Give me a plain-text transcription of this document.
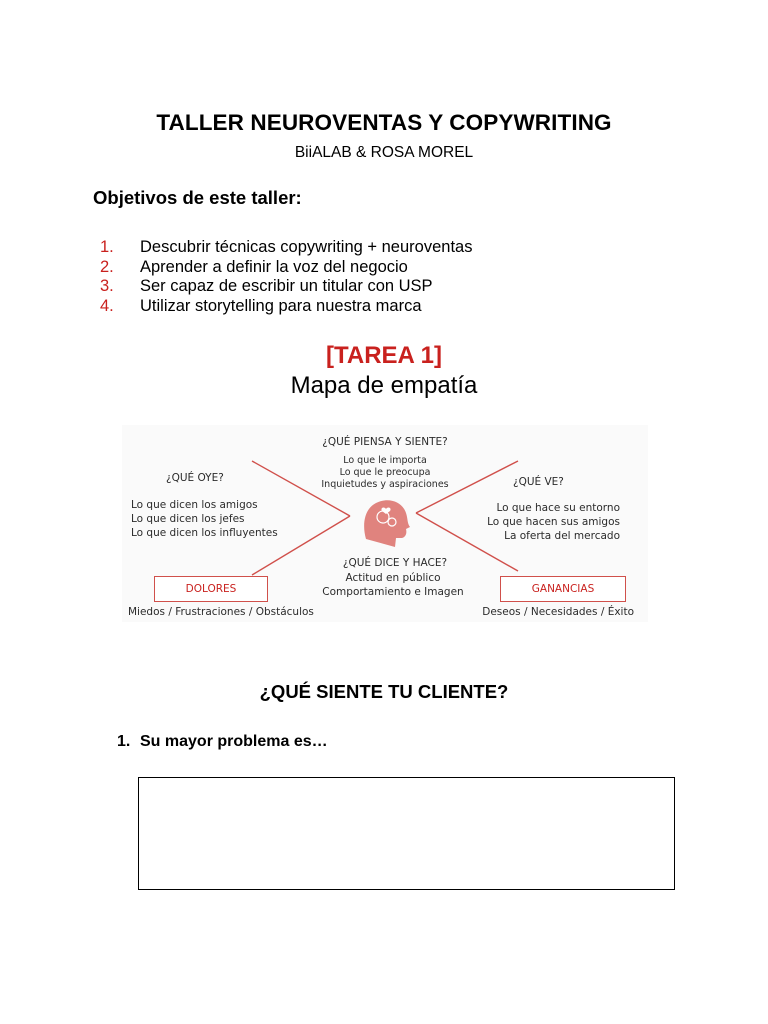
TALLER NEUROVENTAS Y COPYWRITING
BiiALAB & ROSA MOREL
Objetivos de este taller:
1. Descubrir técnicas copywriting + neuroventas
2. Aprender a definir la voz del negocio
3. Ser capaz de escribir un titular con USP
4. Utilizar storytelling para nuestra marca
[TAREA 1]
Mapa de empatía
¿QUÉ PIENSA Y SIENTE?
Lo que le importa
Lo que le preocupa
Inquietudes y aspiraciones
¿QUÉ OYE?
Lo que dicen los amigos
Lo que dicen los jefes
Lo que dicen los influyentes
¿QUÉ VE?
Lo que hace su entorno
Lo que hacen sus amigos
La oferta del mercado
¿QUÉ DICE Y HACE?
Actitud en público
Comportamiento e Imagen
DOLORES
Miedos / Frustraciones / Obstáculos
GANANCIAS
Deseos / Necesidades / Éxito
¿QUÉ SIENTE TU CLIENTE?
1. Su mayor problema es…
